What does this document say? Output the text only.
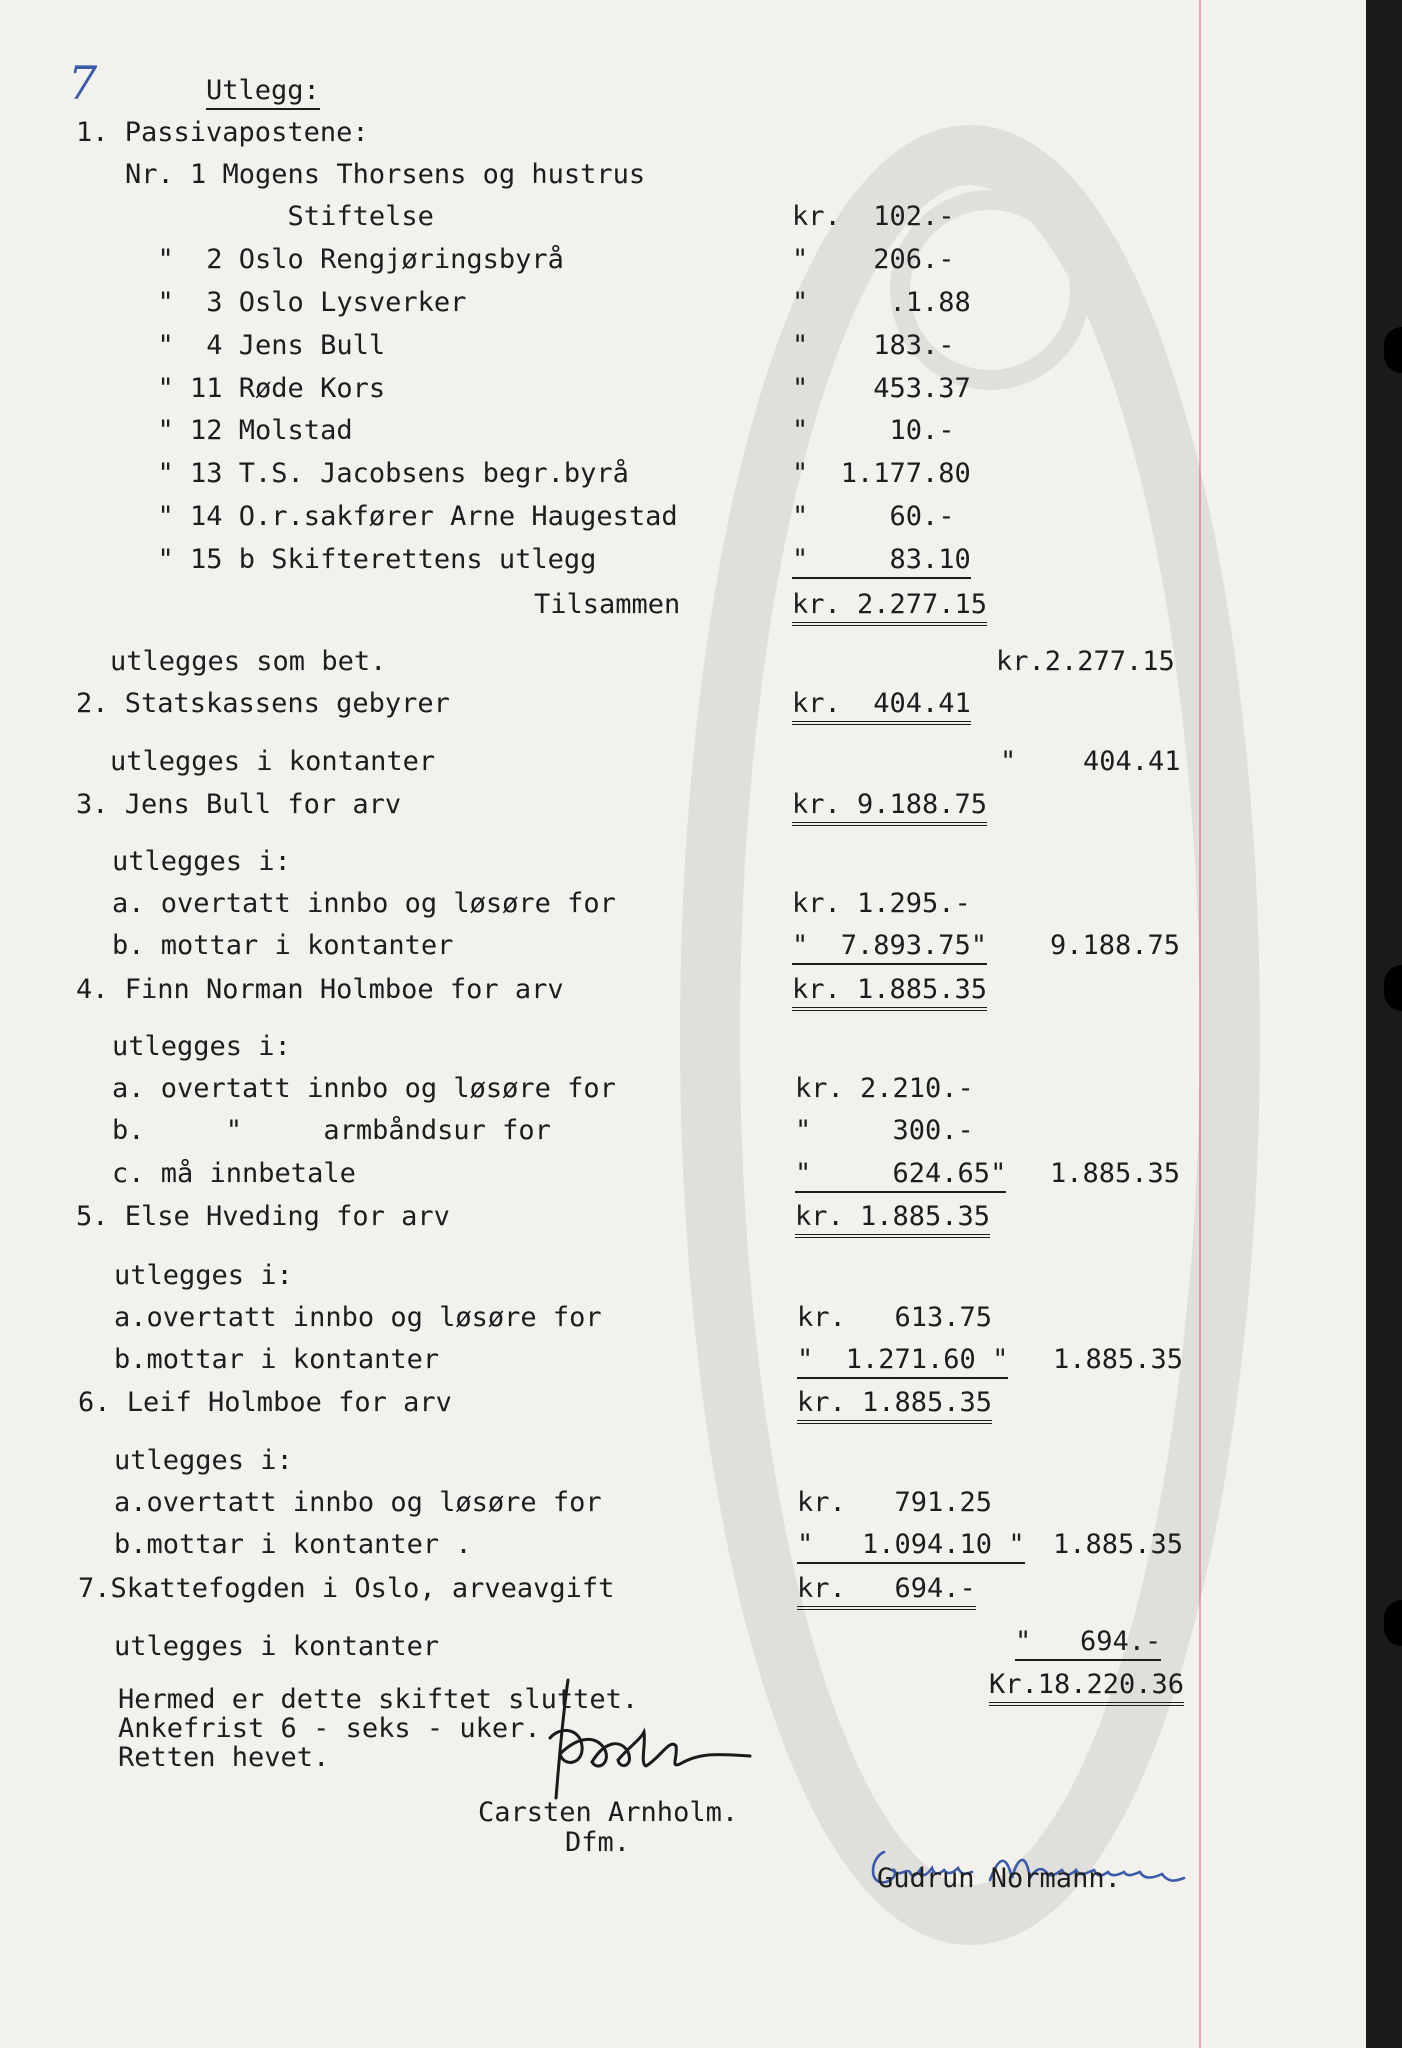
7	Utlegg:
1. Passivapostene:
Nr. 1 Mogens Thorsens og hustrus
Stiftelse	kr.  102.-
"  2 Oslo Rengjøringsbyrå	"    206.-
"  3 Oslo Lysverker	"     .1.88
"  4 Jens Bull	"    183.-
" 11 Røde Kors	"    453.37
" 12 Molstad	"     10.-
" 13 T.S. Jacobsens begr.byrå	"  1.177.80
" 14 O.r.sakfører Arne Haugestad	"     60.-
" 15 b Skifterettens utlegg	"     83.10
Tilsammen	kr. 2.277.15
utlegges som bet.	kr.2.277.15
2. Statskassens gebyrer	kr.  404.41
utlegges i kontanter	" 404.41
3. Jens Bull for arv	kr. 9.188.75
utlegges i:
a. overtatt innbo og løsøre for	kr. 1.295.-
b. mottar i kontanter	"  7.893.75" 9.188.75
4. Finn Norman Holmboe for arv	kr. 1.885.35
utlegges i:
a. overtatt innbo og løsøre for	kr. 2.210.-
b.     "     armbåndsur for	"     300.-
c. må innbetale	"     624.65" 1.885.35
5. Else Hveding for arv	kr. 1.885.35
utlegges i:
a.overtatt innbo og løsøre for	kr.   613.75
b.mottar i kontanter	"  1.271.60 " 1.885.35
6. Leif Holmboe for arv	kr. 1.885.35
utlegges i:
a.overtatt innbo og løsøre for	kr.   791.25
b.mottar i kontanter .	"   1.094.10 " 1.885.35
7.Skattefogden i Oslo, arveavgift	kr.   694.-
utlegges i kontanter	"   694.-
Kr.18.220.36
Hermed er dette skiftet sluttet.
Ankefrist 6 - seks - uker.
Retten hevet.
Carsten Arnholm.
Dfm.
Gudrun Normann.
